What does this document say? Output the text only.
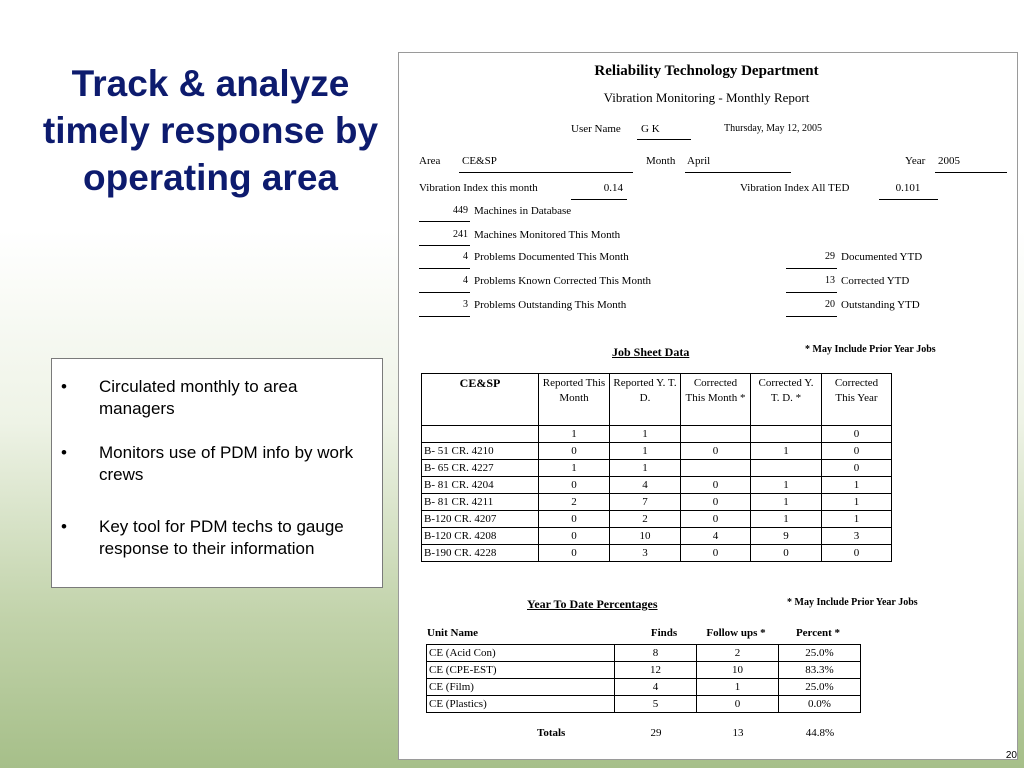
Track & analyze timely response by operating area
• Circulated monthly to area managers
• Monitors use of PDM info by work crews
• Key tool for PDM techs to gauge response to their information
Reliability Technology Department
Vibration Monitoring - Monthly Report
User Name G K	Thursday, May 12, 2005
Area CE&SP	Month April	Year 2005
Vibration Index this month	0.14	Vibration Index All TED	0.101
449 Machines in Database
241 Machines Monitored This Month
4 Problems Documented This Month
4 Problems Known Corrected This Month
3 Problems Outstanding This Month
29 Documented YTD
13 Corrected YTD
20 Outstanding YTD
Job Sheet Data	* May Include Prior Year Jobs
CE&SP	Reported This Month	Reported Y. T. D.	Corrected This Month *	Corrected Y. T. D. *	Corrected This Year
	1	1			0
B- 51 CR. 4210	0	1	0	1	0
B- 65 CR. 4227	1	1			0
B- 81 CR. 4204	0	4	0	1	1
B- 81 CR. 4211	2	7	0	1	1
B-120 CR. 4207	0	2	0	1	1
B-120 CR. 4208	0	10	4	9	3
B-190 CR. 4228	0	3	0	0	0
Year To Date Percentages	* May Include Prior Year Jobs
Unit Name	Finds	Follow ups *	Percent *
CE (Acid Con)	8	2	25.0%
CE (CPE-EST)	12	10	83.3%
CE (Film)	4	1	25.0%
CE (Plastics)	5	0	0.0%
Totals	29	13	44.8%
20
